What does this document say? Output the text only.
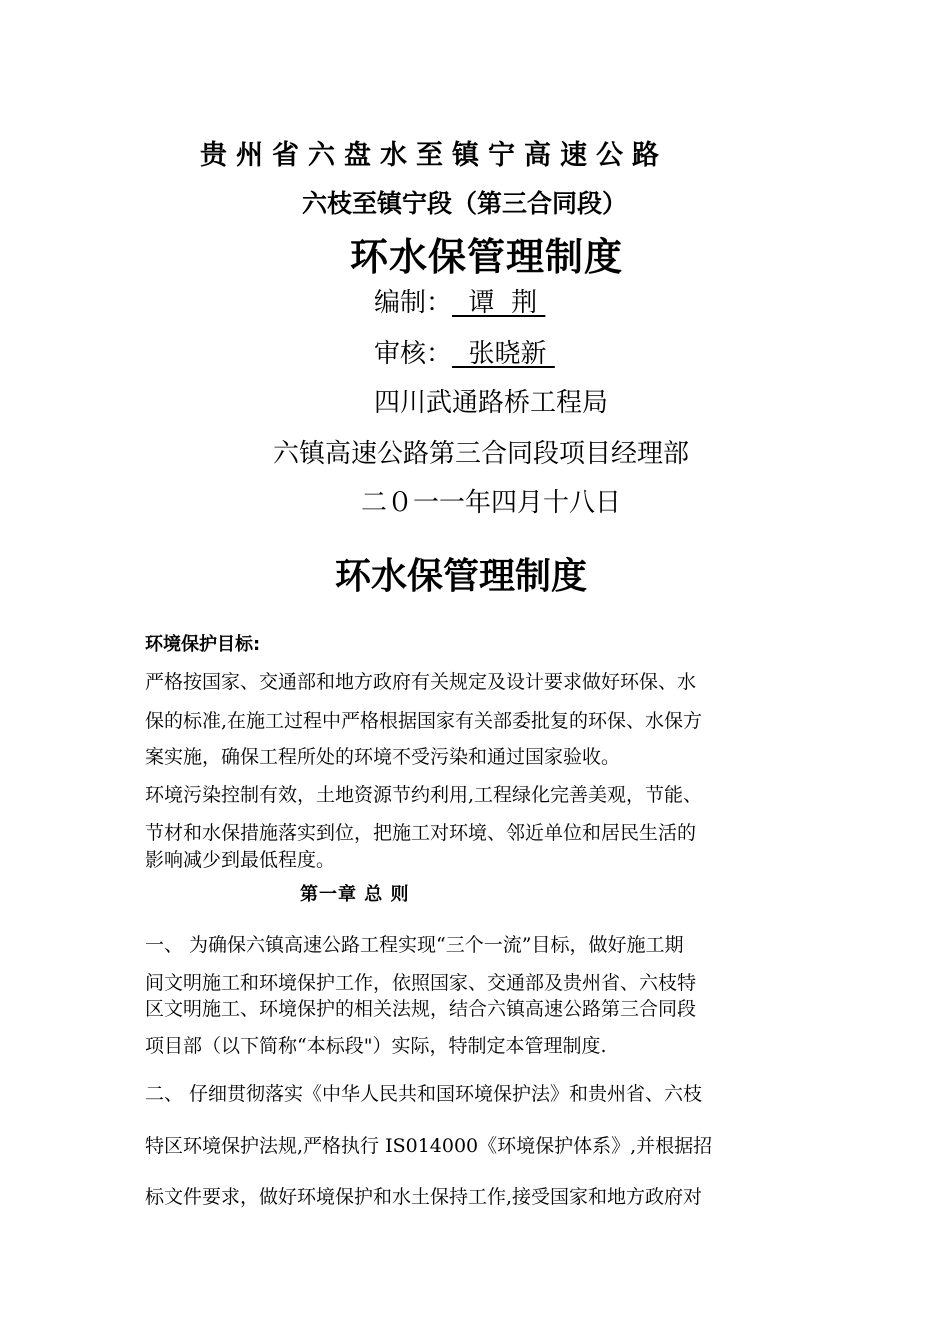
贵州省六盘水至镇宁高速公路
六枝至镇宁段（第三合同段）
环水保管理制度
编制：  谭  荆
审核：  张晓新
四川武通路桥工程局
六镇高速公路第三合同段项目经理部
二０一一年四月十八日
环水保管理制度
环境保护目标:
严格按国家、交通部和地方政府有关规定及设计要求做好环保、水
保的标准,在施工过程中严格根据国家有关部委批复的环保、水保方
案实施，确保工程所处的环境不受污染和通过国家验收。
环境污染控制有效，土地资源节约利用,工程绿化完善美观，节能、
节材和水保措施落实到位，把施工对环境、邻近单位和居民生活的
影响减少到最低程度。
第一章 总 则
一、 为确保六镇高速公路工程实现“三个一流”目标，做好施工期
间文明施工和环境保护工作，依照国家、交通部及贵州省、六枝特
区文明施工、环境保护的相关法规，结合六镇高速公路第三合同段
项目部（以下简称“本标段"）实际，特制定本管理制度.
二、 仔细贯彻落实《中华人民共和国环境保护法》和贵州省、六枝
特区环境保护法规,严格执行 IS014000《环境保护体系》,并根据招
标文件要求，做好环境保护和水土保持工作,接受国家和地方政府对
